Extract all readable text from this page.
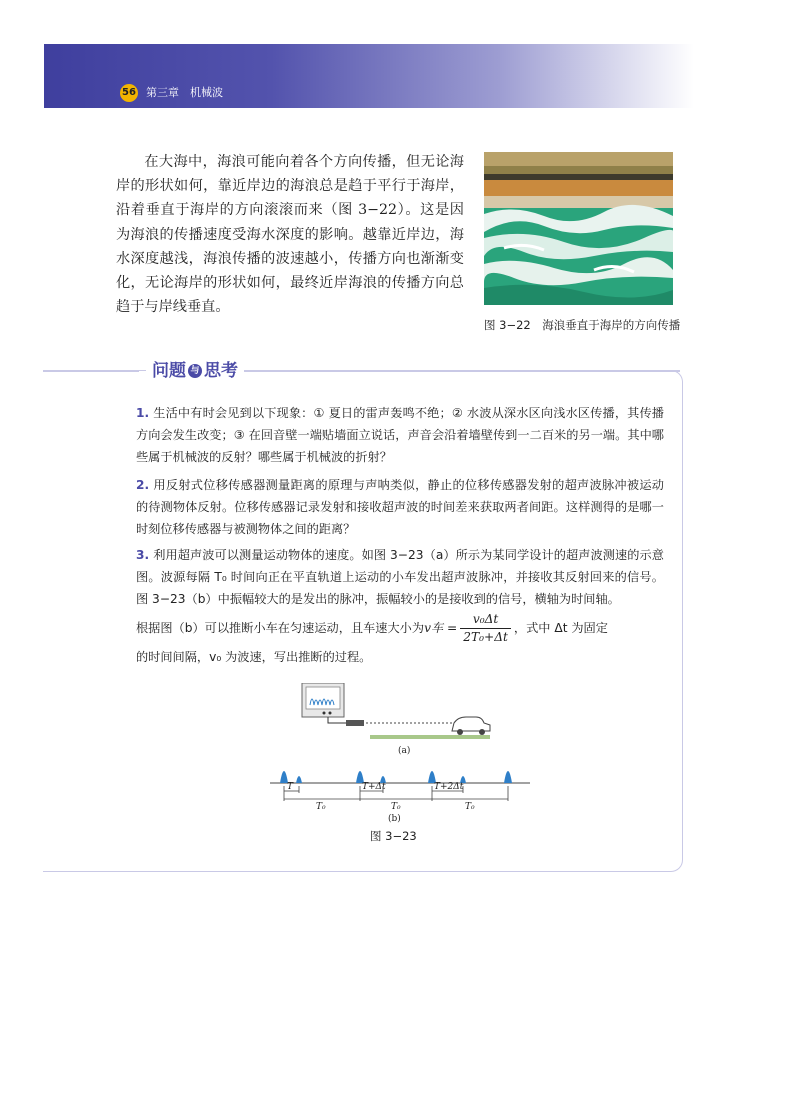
56 第三章　机械波

在大海中，海浪可能向着各个方向传播，但无论海岸的形状如何，靠近岸边的海浪总是趋于平行于海岸，沿着垂直于海岸的方向滚滚而来（图 3−22）。这是因为海浪的传播速度受海水深度的影响。越靠近岸边，海水深度越浅，海浪传播的波速越小，传播方向也渐渐变化，无论海岸的形状如何，最终近岸海浪的传播方向总趋于与岸线垂直。

图 3−22　海浪垂直于海岸的方向传播
问题 与 思考
1. 生活中有时会见到以下现象：① 夏日的雷声轰鸣不绝；② 水波从深水区向浅水区传播，其传播方向会发生改变；③ 在回音壁一端贴墙面立说话，声音会沿着墙壁传到一二百米的另一端。其中哪些属于机械波的反射？哪些属于机械波的折射？
2. 用反射式位移传感器测量距离的原理与声呐类似，静止的位移传感器发射的超声波脉冲被运动的待测物体反射。位移传感器记录发射和接收超声波的时间差来获取两者间距。这样测得的是哪一时刻位移传感器与被测物体之间的距离？
3. 利用超声波可以测量运动物体的速度。如图 3−23（a）所示为某同学设计的超声波测速的示意图。波源每隔 T₀ 时间向正在平直轨道上运动的小车发出超声波脉冲，并接收其反射回来的信号。图 3−23（b）中振幅较大的是发出的脉冲，振幅较小的是接收到的信号，横轴为时间轴。
根据图（b）可以推断小车在匀速运动，且车速大小为v车 = $\frac{\text{v₀Δt}}{\text{2T₀+Δt}}$ ，式中 Δt 为固定
的时间间隔，v₀ 为波速，写出推断的过程。
(a)
T	T+Δt	T+2Δt
T₀	T₀	T₀
(b)
图 3−23
